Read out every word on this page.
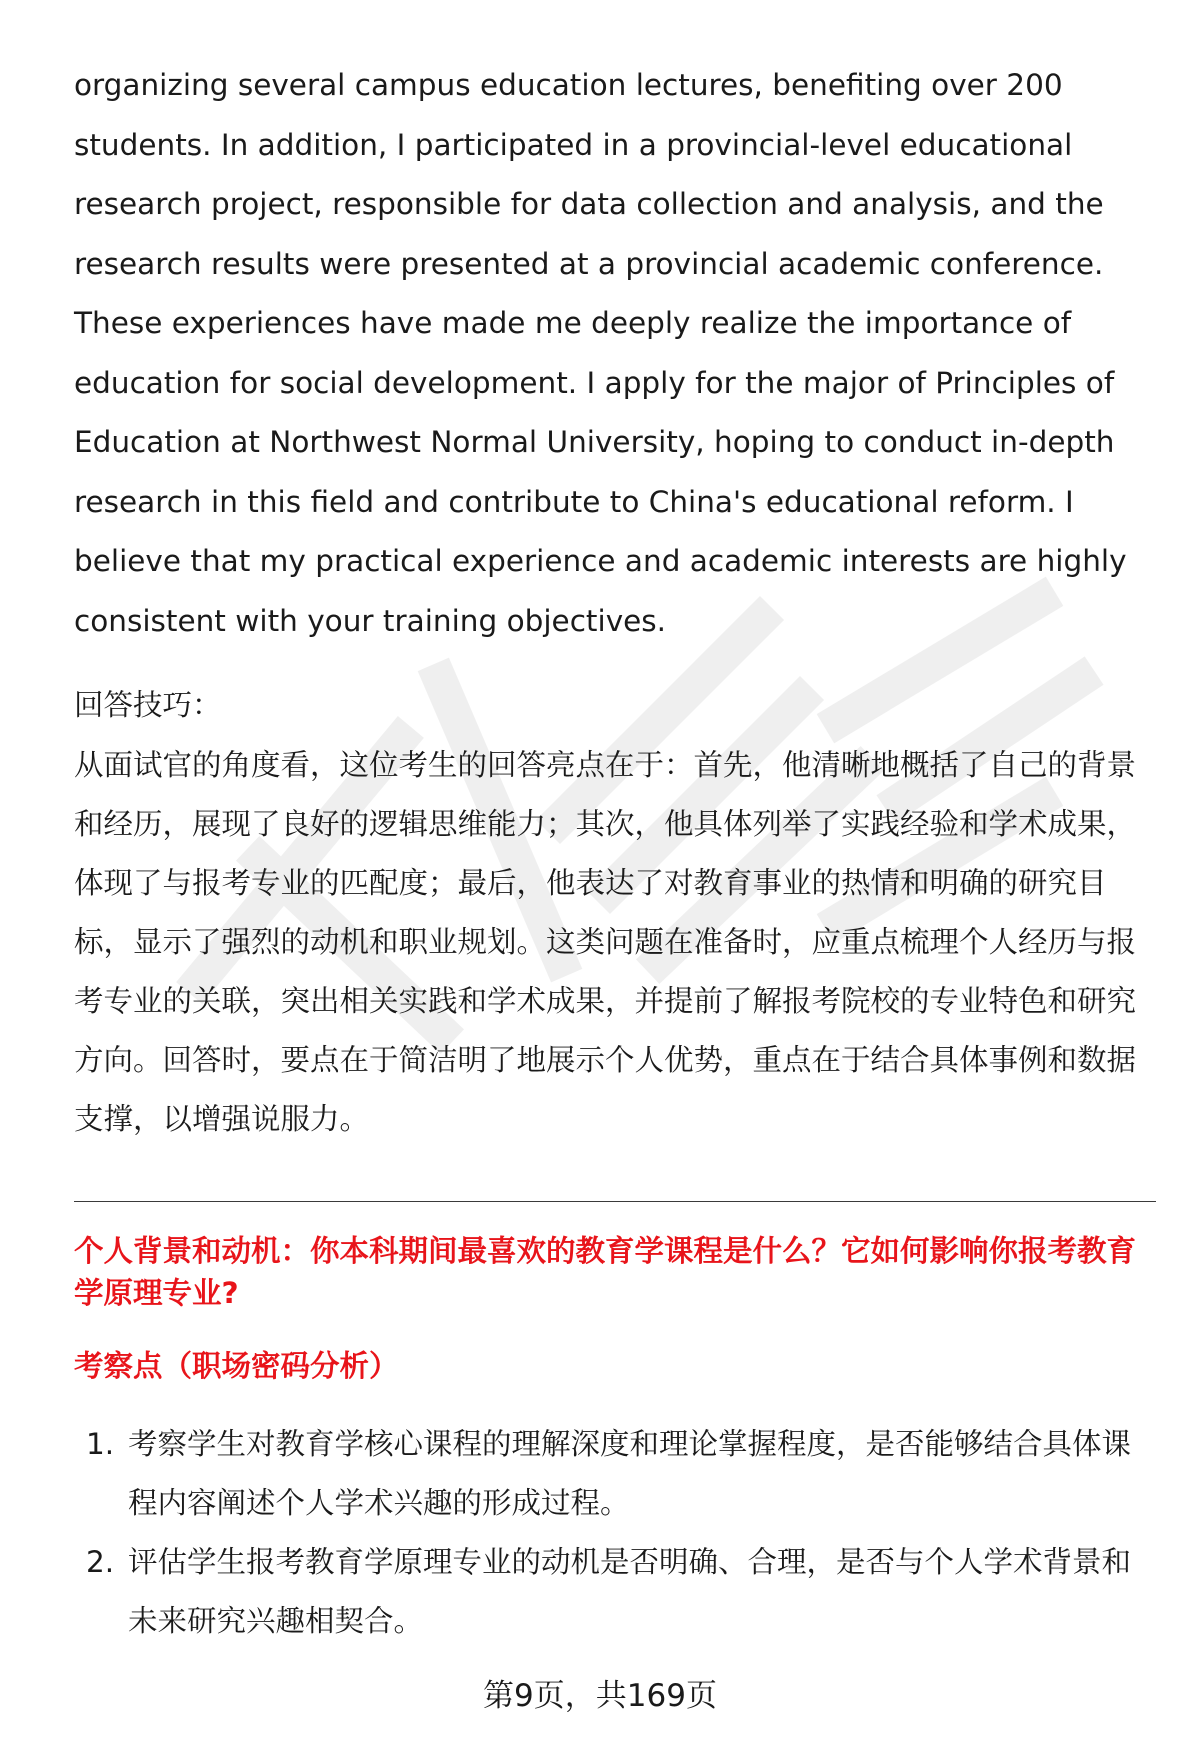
organizing several campus education lectures, benefiting over 200 students. In addition, I participated in a provincial-level educational research project, responsible for data collection and analysis, and the research results were presented at a provincial academic conference. These experiences have made me deeply realize the importance of education for social development. I apply for the major of Principles of Education at Northwest Normal University, hoping to conduct in-depth research in this field and contribute to China's educational reform. I believe that my practical experience and academic interests are highly consistent with your training objectives.

回答技巧：

从面试官的角度看，这位考生的回答亮点在于：首先，他清晰地概括了自己的背景和经历，展现了良好的逻辑思维能力；其次，他具体列举了实践经验和学术成果，体现了与报考专业的匹配度；最后，他表达了对教育事业的热情和明确的研究目标，显示了强烈的动机和职业规划。这类问题在准备时，应重点梳理个人经历与报考专业的关联，突出相关实践和学术成果，并提前了解报考院校的专业特色和研究方向。回答时，要点在于简洁明了地展示个人优势，重点在于结合具体事例和数据支撑，以增强说服力。

个人背景和动机：你本科期间最喜欢的教育学课程是什么？它如何影响你报考教育学原理专业?
考察点（职场密码分析）
1. 考察学生对教育学核心课程的理解深度和理论掌握程度，是否能够结合具体课程内容阐述个人学术兴趣的形成过程。
2. 评估学生报考教育学原理专业的动机是否明确、合理，是否与个人学术背景和未来研究兴趣相契合。
第9页，共169页
